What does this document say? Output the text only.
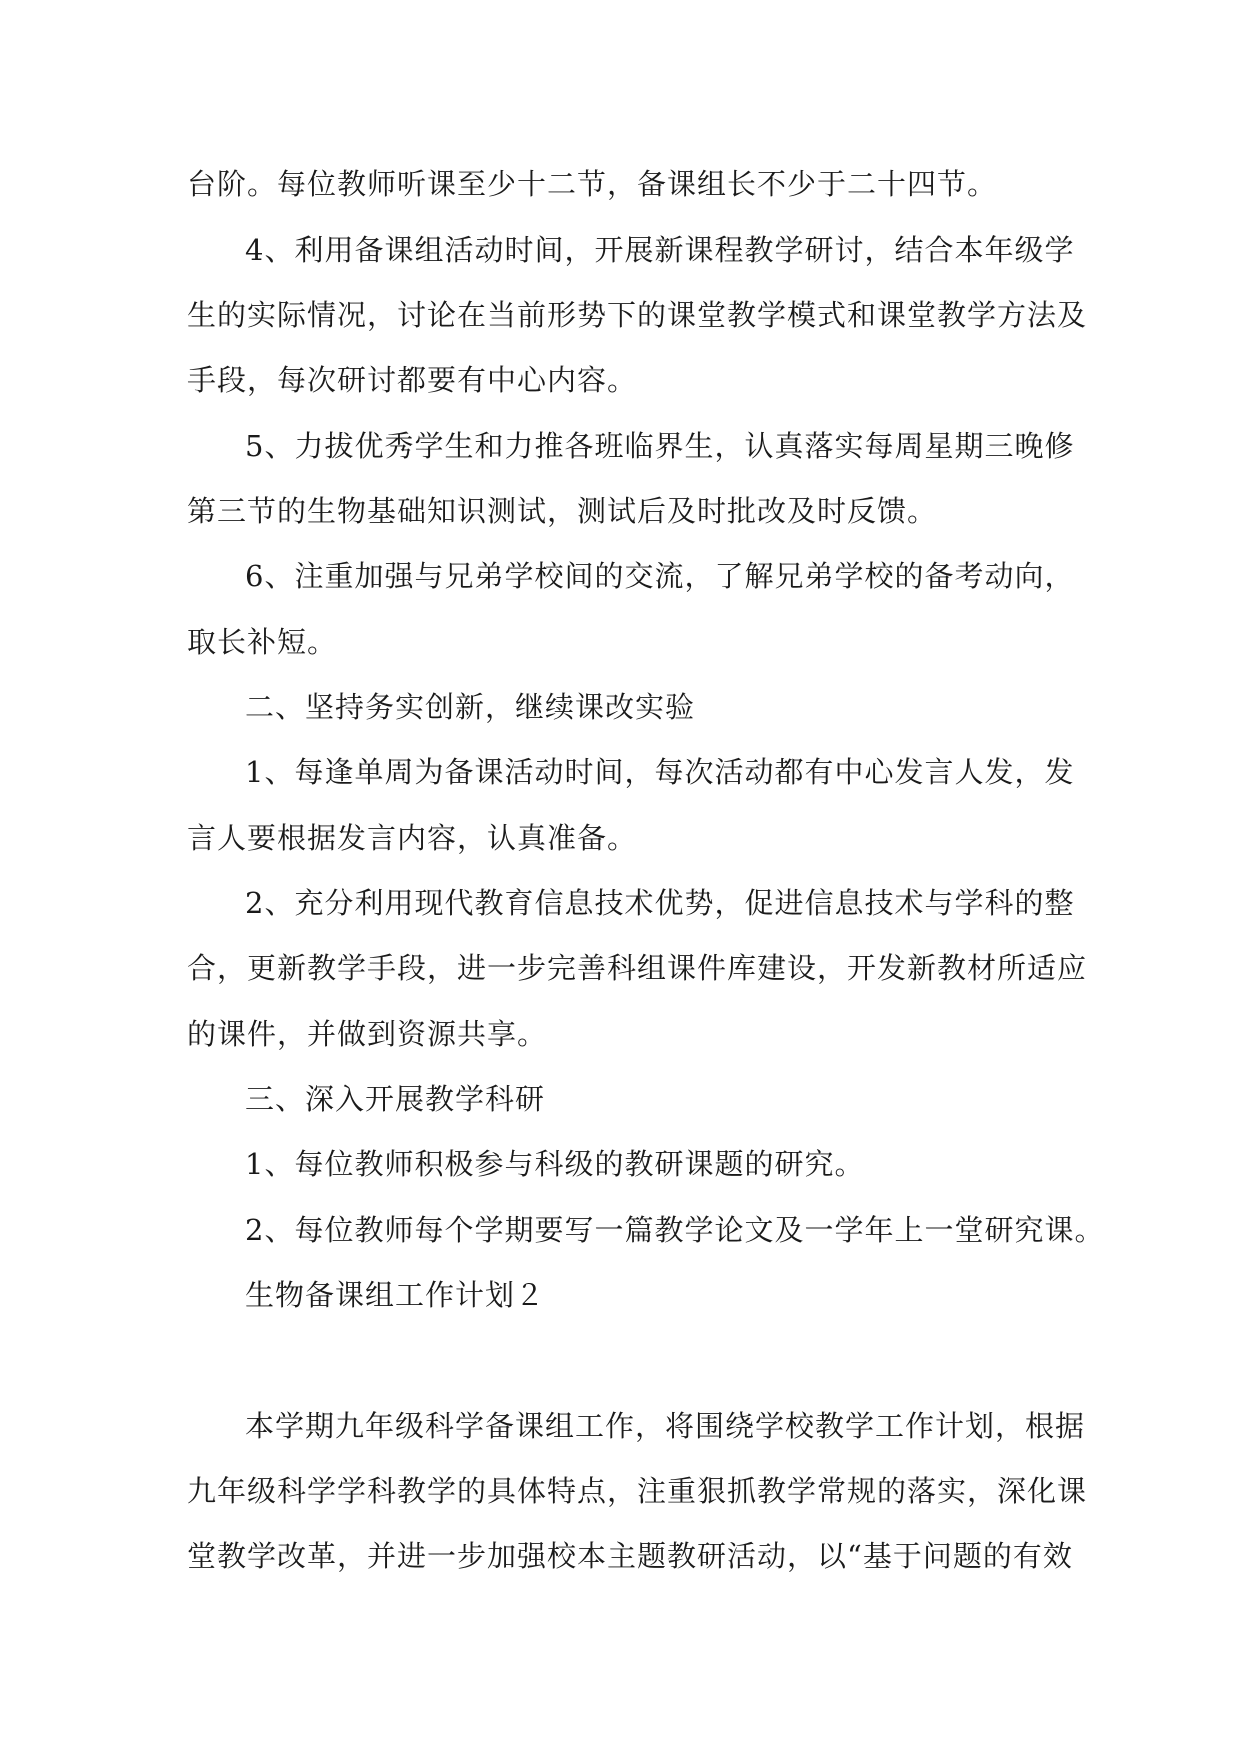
台阶。每位教师听课至少十二节，备课组长不少于二十四节。
4、利用备课组活动时间，开展新课程教学研讨，结合本年级学
生的实际情况，讨论在当前形势下的课堂教学模式和课堂教学方法及
手段，每次研讨都要有中心内容。
5、力拔优秀学生和力推各班临界生，认真落实每周星期三晚修
第三节的生物基础知识测试，测试后及时批改及时反馈。
6、注重加强与兄弟学校间的交流，了解兄弟学校的备考动向，
取长补短。
二、坚持务实创新，继续课改实验
1、每逢单周为备课活动时间，每次活动都有中心发言人发，发
言人要根据发言内容，认真准备。
2、充分利用现代教育信息技术优势，促进信息技术与学科的整
合，更新教学手段，进一步完善科组课件库建设，开发新教材所适应
的课件，并做到资源共享。
三、深入开展教学科研
1、每位教师积极参与科级的教研课题的研究。
2、每位教师每个学期要写一篇教学论文及一学年上一堂研究课。
生物备课组工作计划２
本学期九年级科学备课组工作，将围绕学校教学工作计划，根据
九年级科学学科教学的具体特点，注重狠抓教学常规的落实，深化课
堂教学改革，并进一步加强校本主题教研活动，以“基于问题的有效
